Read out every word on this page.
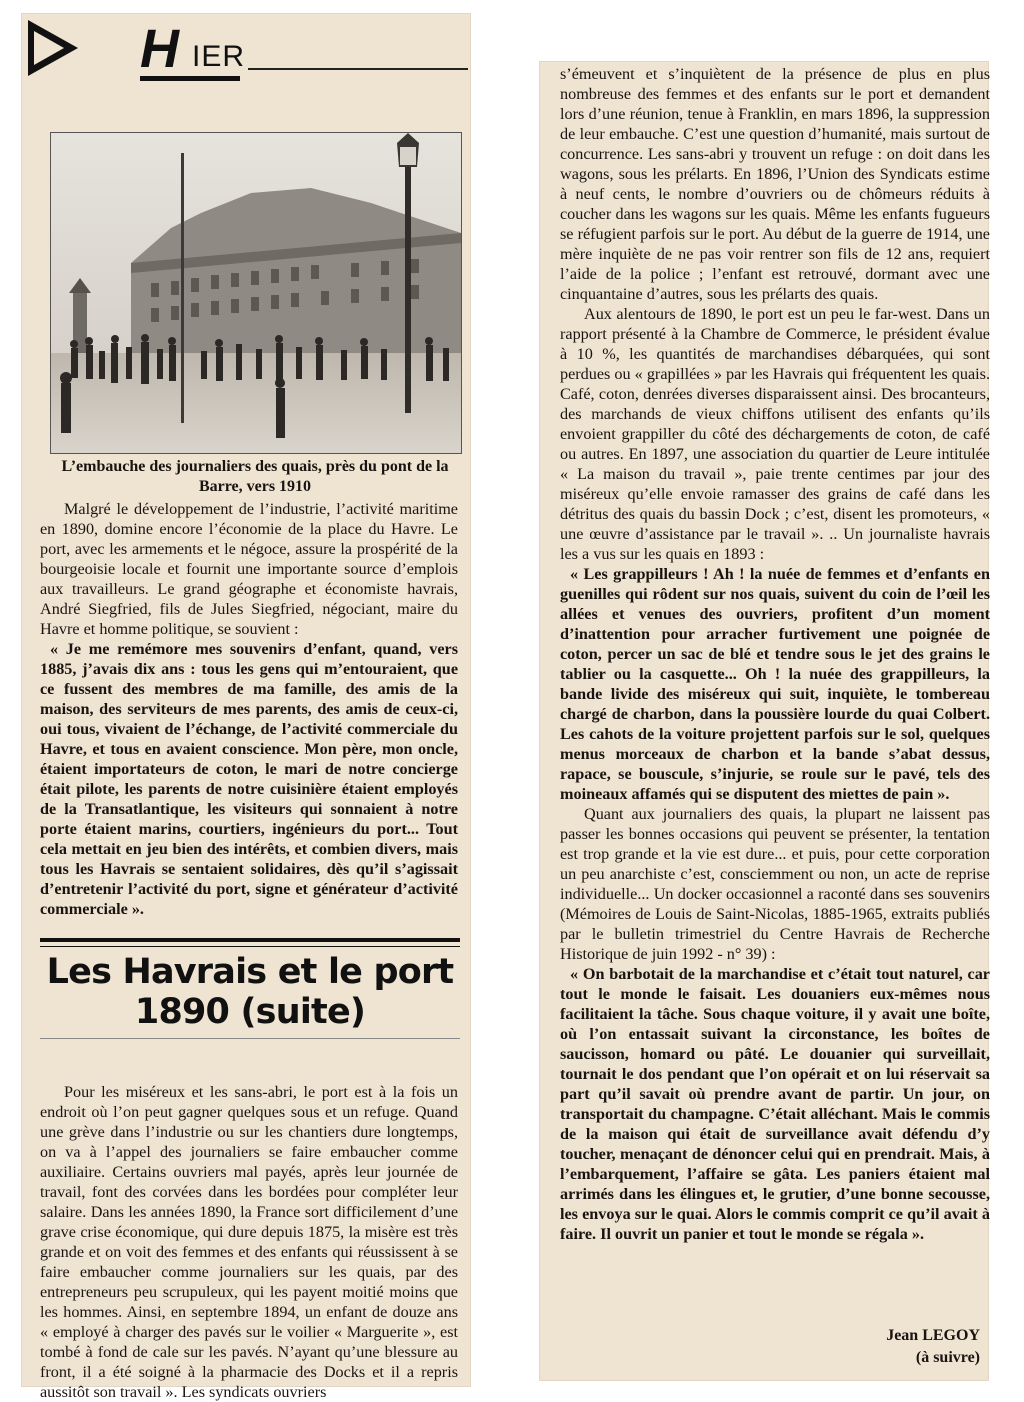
H IER
L’embauche des journaliers des quais, près du pont de la Barre, vers 1910

Malgré le développement de l’industrie, l’activité maritime en 1890, domine encore l’économie de la place du Havre. Le port, avec les armements et le négoce, assure la prospérité de la bourgeoisie locale et fournit une importante source d’emplois aux travailleurs. Le grand géographe et économiste havrais, André Siegfried, fils de Jules Siegfried, négociant, maire du Havre et homme politique, se souvient :

« Je me remémore mes souvenirs d’enfant, quand, vers 1885, j’avais dix ans : tous les gens qui m’entouraient, que ce fussent des membres de ma famille, des amis de la maison, des serviteurs de mes parents, des amis de ceux-ci, oui tous, vivaient de l’échange, de l’activité commerciale du Havre, et tous en avaient conscience. Mon père, mon oncle, étaient importateurs de coton, le mari de notre concierge était pilote, les parents de notre cuisinière étaient employés de la Transatlantique, les visiteurs qui sonnaient à notre porte étaient marins, courtiers, ingénieurs du port... Tout cela mettait en jeu bien des intérêts, et combien divers, mais tous les Havrais se sentaient solidaires, dès qu’il s’agissait d’entretenir l’activité du port, signe et générateur d’activité commerciale ».

Les Havrais et le port
1890 (suite)

Pour les miséreux et les sans-abri, le port est à la fois un endroit où l’on peut gagner quelques sous et un refuge. Quand une grève dans l’industrie ou sur les chantiers dure longtemps, on va à l’appel des journaliers se faire embaucher comme auxiliaire. Certains ouvriers mal payés, après leur journée de travail, font des corvées dans les bordées pour compléter leur salaire. Dans les années 1890, la France sort difficilement d’une grave crise économique, qui dure depuis 1875, la misère est très grande et on voit des femmes et des enfants qui réussissent à se faire embaucher comme journaliers sur les quais, par des entrepreneurs peu scrupuleux, qui les payent moitié moins que les hommes. Ainsi, en septembre 1894, un enfant de douze ans « employé à charger des pavés sur le voilier « Marguerite », est tombé à fond de cale sur les pavés. N’ayant qu’une blessure au front, il a été soigné à la pharmacie des Docks et il a repris aussitôt son travail ». Les syndicats ouvriers

s’émeuvent et s’inquiètent de la présence de plus en plus nombreuse des femmes et des enfants sur le port et demandent lors d’une réunion, tenue à Franklin, en mars 1896, la suppression de leur embauche. C’est une question d’humanité, mais surtout de concurrence. Les sans-abri y trouvent un refuge : on doit dans les wagons, sous les prélarts. En 1896, l’Union des Syndicats estime à neuf cents, le nombre d’ouvriers ou de chômeurs réduits à coucher dans les wagons sur les quais. Même les enfants fugueurs se réfugient parfois sur le port. Au début de la guerre de 1914, une mère inquiète de ne pas voir rentrer son fils de 12 ans, requiert l’aide de la police ; l’enfant est retrouvé, dormant avec une cinquantaine d’autres, sous les prélarts des quais.

Aux alentours de 1890, le port est un peu le far-west. Dans un rapport présenté à la Chambre de Commerce, le président évalue à 10 %, les quantités de marchandises débarquées, qui sont perdues ou « grapillées » par les Havrais qui fréquentent les quais. Café, coton, denrées diverses disparaissent ainsi. Des brocanteurs, des marchands de vieux chiffons utilisent des enfants qu’ils envoient grappiller du côté des déchargements de coton, de café ou autres. En 1897, une association du quartier de Leure intitulée « La maison du travail », paie trente centimes par jour des miséreux qu’elle envoie ramasser des grains de café dans les détritus des quais du bassin Dock ; c’est, disent les promoteurs, « une œuvre d’assistance par le travail ». .. Un journaliste havrais les a vus sur les quais en 1893 :

« Les grappilleurs ! Ah ! la nuée de femmes et d’enfants en guenilles qui rôdent sur nos quais, suivent du coin de l’œil les allées et venues des ouvriers, profitent d’un moment d’inattention pour arracher furtivement une poignée de coton, percer un sac de blé et tendre sous le jet des grains le tablier ou la casquette... Oh ! la nuée des grappilleurs, la bande livide des miséreux qui suit, inquiète, le tombereau chargé de charbon, dans la poussière lourde du quai Colbert. Les cahots de la voiture projettent parfois sur le sol, quelques menus morceaux de charbon et la bande s’abat dessus, rapace, se bouscule, s’injurie, se roule sur le pavé, tels des moineaux affamés qui se disputent des miettes de pain ».

Quant aux journaliers des quais, la plupart ne laissent pas passer les bonnes occasions qui peuvent se présenter, la tentation est trop grande et la vie est dure... et puis, pour cette corporation un peu anarchiste c’est, consciemment ou non, un acte de reprise individuelle... Un docker occasionnel a raconté dans ses souvenirs (Mémoires de Louis de Saint-Nicolas, 1885-1965, extraits publiés par le bulletin trimestriel du Centre Havrais de Recherche Historique de juin 1992 - n° 39) :

« On barbotait de la marchandise et c’était tout naturel, car tout le monde le faisait. Les douaniers eux-mêmes nous facilitaient la tâche. Sous chaque voiture, il y avait une boîte, où l’on entassait suivant la circonstance, les boîtes de saucisson, homard ou pâté. Le douanier qui surveillait, tournait le dos pendant que l’on opérait et on lui réservait sa part qu’il savait où prendre avant de partir. Un jour, on transportait du champagne. C’était alléchant. Mais le commis de la maison qui était de surveillance avait défendu d’y toucher, menaçant de dénoncer celui qui en prendrait. Mais, à l’embarquement, l’affaire se gâta. Les paniers étaient mal arrimés dans les élingues et, le grutier, d’une bonne secousse, les envoya sur le quai. Alors le commis comprit ce qu’il avait à faire. Il ouvrit un panier et tout le monde se régala ».

Jean LEGOY
(à suivre)
